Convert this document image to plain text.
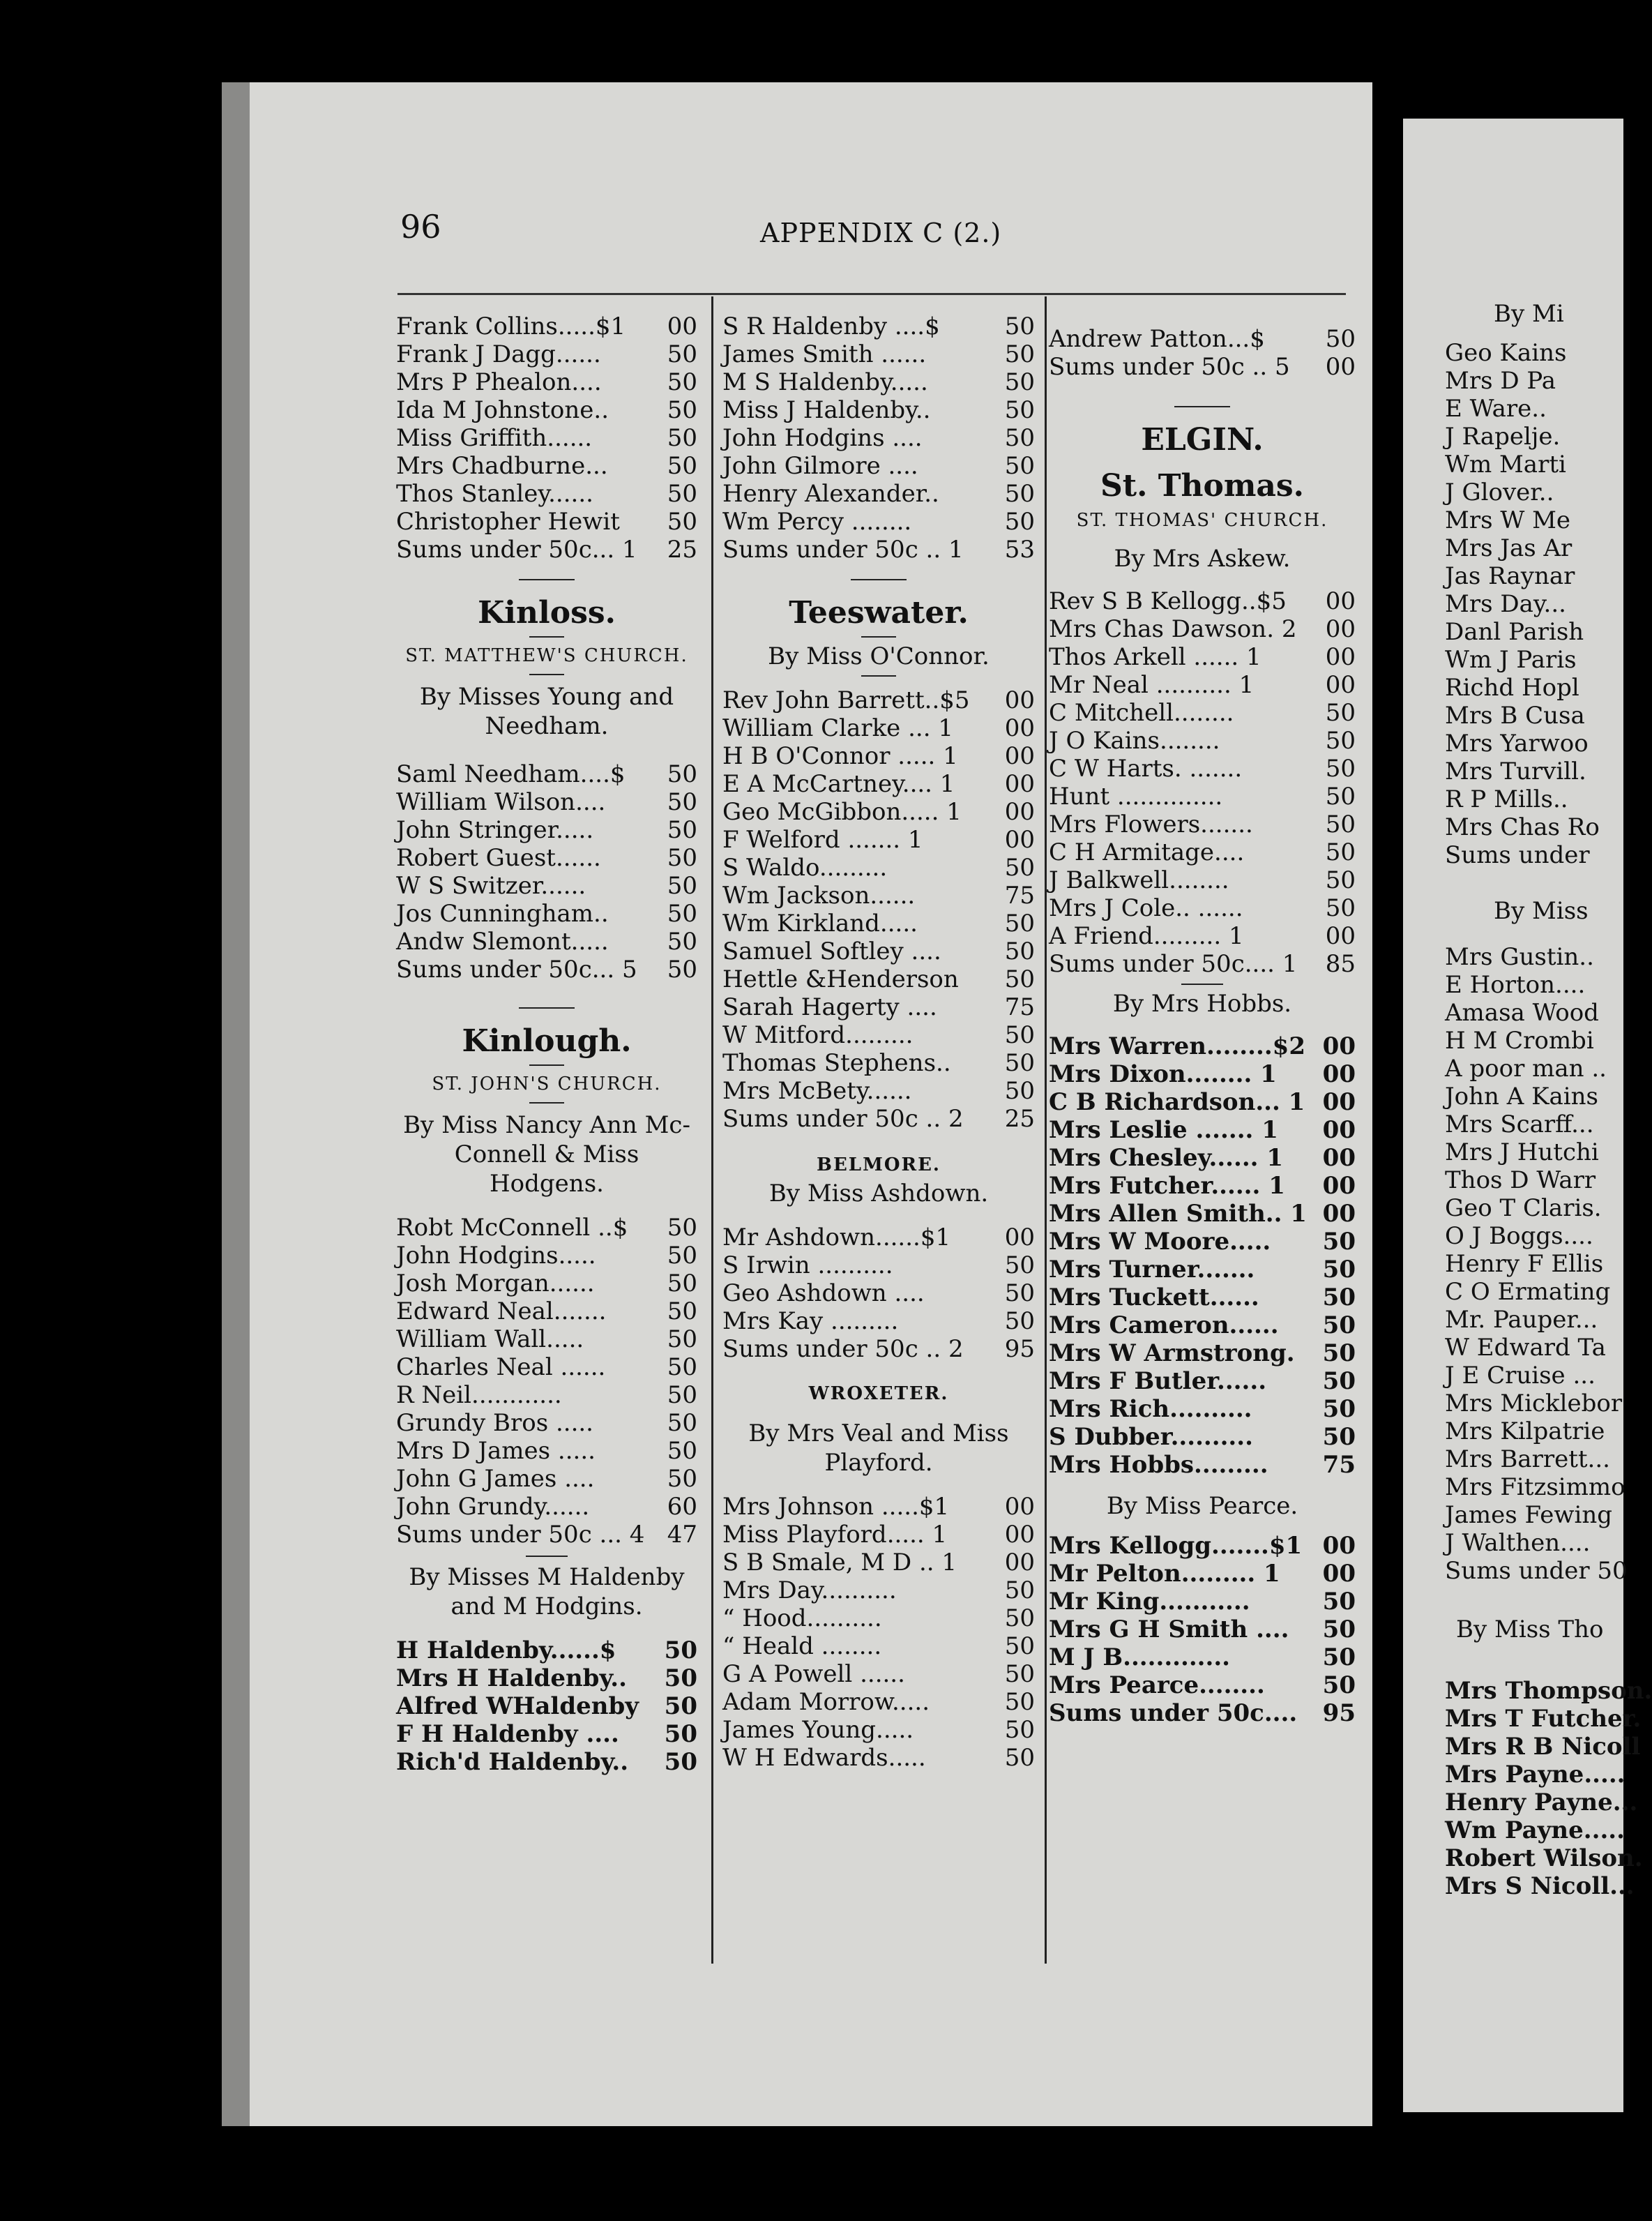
96	APPENDIX C (2.)
Frank Collins.....$1	00
Frank J Dagg......	50
Mrs P Phealon....	50
Ida M Johnstone..	50
Miss Griffith......	50
Mrs Chadburne...	50
Thos Stanley......	50
Christopher Hewit	50
Sums under 50c... 1	25
Kinloss.
ST. MATTHEW'S CHURCH.
By Misses Young and Needham.
Saml Needham....$	50
William Wilson....	50
John Stringer.....	50
Robert Guest......	50
W S Switzer......	50
Jos Cunningham..	50
Andw Slemont.....	50
Sums under 50c... 5	50
Kinlough.
ST. JOHN'S CHURCH.
By Miss Nancy Ann Mc-Connell & Miss Hodgens.
Robt McConnell ..$	50
John Hodgins.....	50
Josh Morgan......	50
Edward Neal.......	50
William Wall.....	50
Charles Neal ......	50
R Neil............	50
Grundy Bros .....	50
Mrs D James .....	50
John G James ....	50
John Grundy......	60
Sums under 50c ... 4 47
By Misses M Haldenby and M Hodgins.
H Haldenby......$	50
Mrs H Haldenby..	50
Alfred WHaldenby	50
F H Haldenby ....	50
Rich'd Haldenby..	50
S R Haldenby ....$	50
James Smith ......	50
M S Haldenby.....	50
Miss J Haldenby..	50
John Hodgins ....	50
John Gilmore ....	50
Henry Alexander..	50
Wm Percy ........	50
Sums under 50c .. 1	53
Teeswater.
By Miss O'Connor.
Rev John Barrett..$5	00
William Clarke ... 1	00
H B O'Connor ..... 1	00
E A McCartney.... 1	00
Geo McGibbon..... 1	00
F Welford ....... 1	00
S Waldo.........	50
Wm Jackson......	75
Wm Kirkland.....	50
Samuel Softley ....	50
Hettle &Henderson	50
Sarah Hagerty ....	75
W Mitford.........	50
Thomas Stephens..	50
Mrs McBety......	50
Sums under 50c .. 2	25
BELMORE.
By Miss Ashdown.
Mr Ashdown......$1	00
S Irwin ..........	50
Geo Ashdown ....	50
Mrs Kay .........	50
Sums under 50c .. 2	95
WROXETER.
By Mrs Veal and Miss Playford.
Mrs Johnson .....$1	00
Miss Playford..... 1	00
S B Smale, M D .. 1	00
Mrs Day..........	50
“ Hood..........	50
“ Heald ........	50
G A Powell ......	50
Adam Morrow.....	50
James Young.....	50
W H Edwards.....	50
Andrew Patton...$	50
Sums under 50c .. 5	00
ELGIN.
St. Thomas.
ST. THOMAS' CHURCH.
By Mrs Askew.
Rev S B Kellogg..$5	00
Mrs Chas Dawson. 2	00
Thos Arkell ...... 1	00
Mr Neal .......... 1	00
C Mitchell........	50
J O Kains........	50
C W Harts. .......	50
Hunt ..............	50
Mrs Flowers.......	50
C H Armitage....	50
J Balkwell........	50
Mrs J Cole.. ......	50
A Friend......... 1	00
Sums under 50c.... 1	85
By Mrs Hobbs.
Mrs Warren........$2 00
Mrs Dixon........ 1	00
C B Richardson... 1 00
Mrs Leslie ....... 1	00
Mrs Chesley...... 1	00
Mrs Futcher...... 1	00
Mrs Allen Smith.. 1 00
Mrs W Moore.....	50
Mrs Turner.......	50
Mrs Tuckett......	50
Mrs Cameron......	50
Mrs W Armstrong.	50
Mrs F Butler......	50
Mrs Rich..........	50
S Dubber..........	50
Mrs Hobbs.........	75
By Miss Pearce.
Mrs Kellogg.......$1 00
Mr Pelton......... 1	00
Mr King...........	50
Mrs G H Smith ....	50
M J B.............	50
Mrs Pearce........	50
Sums under 50c....	95
By Mi
Geo Kains
Mrs D Pa
E Ware..
J Rapelje.
Wm Marti
J Glover..
Mrs W Me
Mrs Jas Ar
Jas Raynar
Mrs Day...
Danl Parish
Wm J Paris
Richd Hopl
Mrs B Cusa
Mrs Yarwoo
Mrs Turvill.
R P Mills..
Mrs Chas Ro
Sums under
By Miss
Mrs Gustin..
E Horton....
Amasa Wood
H M Crombi
A poor man ..
John A Kains
Mrs Scarff...
Mrs J Hutchi
Thos D Warr
Geo T Claris.
O J Boggs....
Henry F Ellis
C O Ermating
Mr. Pauper...
W Edward Ta
J E Cruise ...
Mrs Micklebor
Mrs Kilpatrie
Mrs Barrett...
Mrs Fitzsimmo
James Fewing
J Walthen....
Sums under 50
By Miss Tho
Mrs Thompson.
Mrs T Futcher.
Mrs R B Nicoll
Mrs Payne.....
Henry Payne...
Wm Payne.....
Robert Wilson.
Mrs S Nicoll...
